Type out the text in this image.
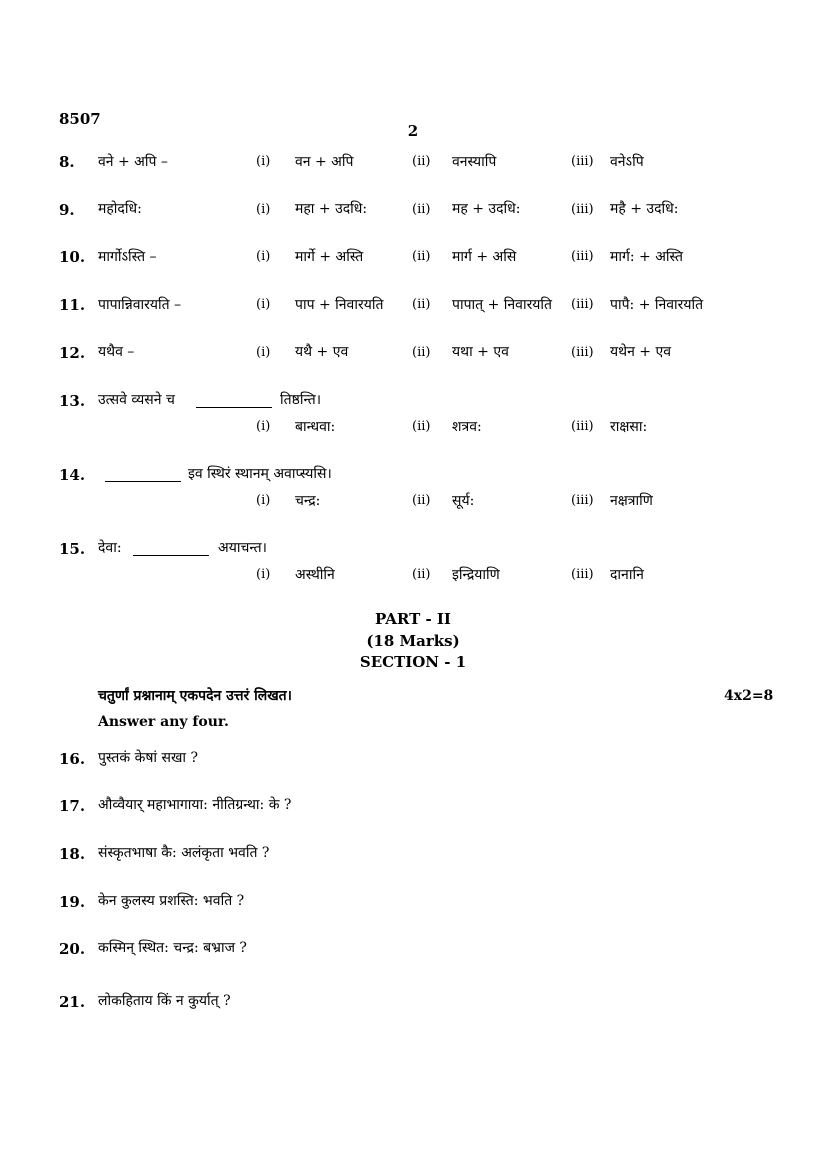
8507
2
8. वने + अपि –	(i) वन + अपि	(ii) वनस्यापि	(iii) वनेऽपि
9. महोदधि:	(i) महा + उदधि:	(ii) मह + उदधि:	(iii) महै + उदधि:
10. मार्गोऽस्ति –	(i) मार्गे + अस्ति	(ii) मार्ग + असि	(iii) मार्ग: + अस्ति
11. पापान्निवारयति –	(i) पाप + निवारयति (ii) पापात् + निवारयति (iii) पापै: + निवारयति
12. यथैव –	(i) यथै + एव	(ii) यथा + एव	(iii) यथेन + एव
13. उत्सवे व्यसने च	तिष्ठन्ति।
(i) बान्धवा:	(ii) शत्रव:	(iii) राक्षसा:
14.	इव स्थिरं स्थानम् अवाप्स्यसि।
(i) चन्द्र:	(ii) सूर्य:	(iii) नक्षत्राणि
15. देवा:	अयाचन्त।
(i) अस्थीनि	(ii) इन्द्रियाणि	(iii) दानानि
PART - II
(18 Marks)
SECTION - 1
चतुर्णां प्रश्नानाम् एकपदेन उत्तरं लिखत।	4x2=8
Answer any four.
16. पुस्तकं केषां सखा ?
17. औव्वैयार् महाभागाया: नीतिग्रन्था: के ?
18. संस्कृतभाषा कै: अलंकृता भवति ?
19. केन कुलस्य प्रशस्ति: भवति ?
20. कस्मिन् स्थित: चन्द्र: बभ्राज ?
21. लोकहिताय किं न कुर्यात् ?
